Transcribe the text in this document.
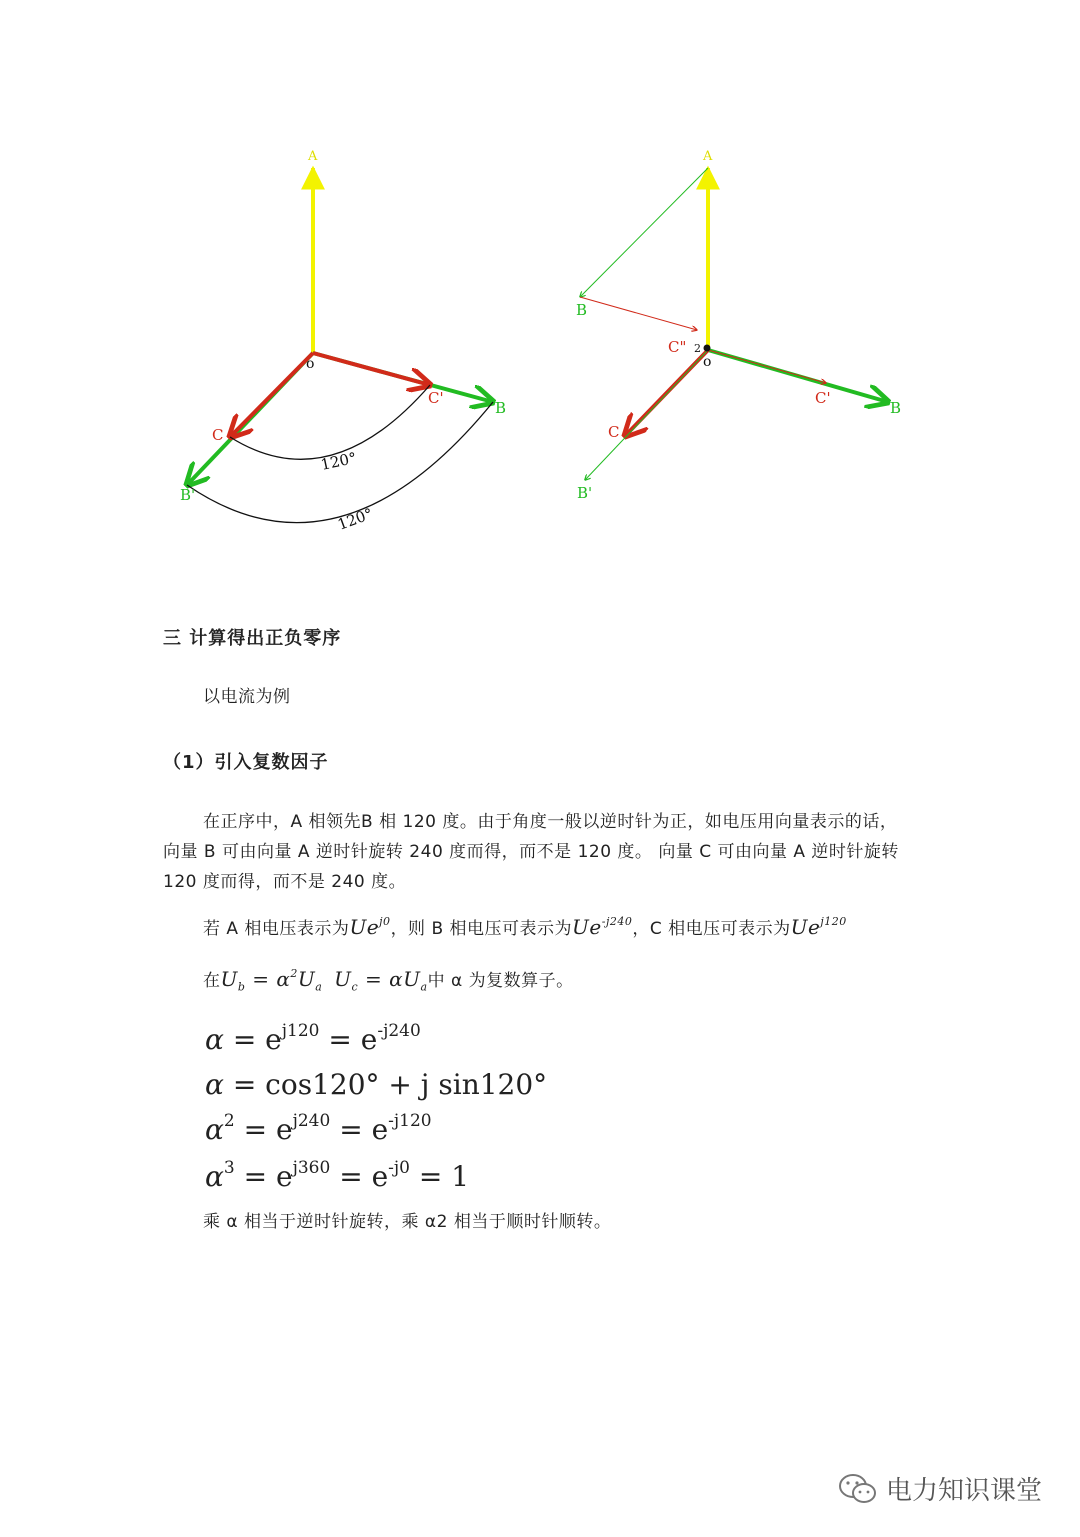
A
o
B
C'
C
B'
120°
120°
A
B
C" 2
o
C'
B
C
B'
三 计算得出正负零序
以电流为例
（1）引入复数因子
在正序中，A 相领先B 相 120 度。由于角度一般以逆时针为正，如电压用向量表示的话，
向量 B 可由向量 A 逆时针旋转 240 度而得，而不是 120 度。 向量 C 可由向量 A 逆时针旋转
120 度而得，而不是 240 度。
若 A 相电压表示为$Ue^{j0}$，则 B 相电压可表示为$Ue^{-j240}$，C 相电压可表示为$Ue^{j120}$
在$U_b = \alpha^2U_a$ $U_c = \alpha U_a$中 α 为复数算子。
$\alpha = e^{j120} = e^{-j240}$
α = cos120° + j sin120°
$\alpha^2 = e^{j240} = e^{-j120}$
$\alpha^3 = e^{j360} = e^{-j0} = 1$
乘 α 相当于逆时针旋转，乘 α2 相当于顺时针顺转。
电力知识课堂
